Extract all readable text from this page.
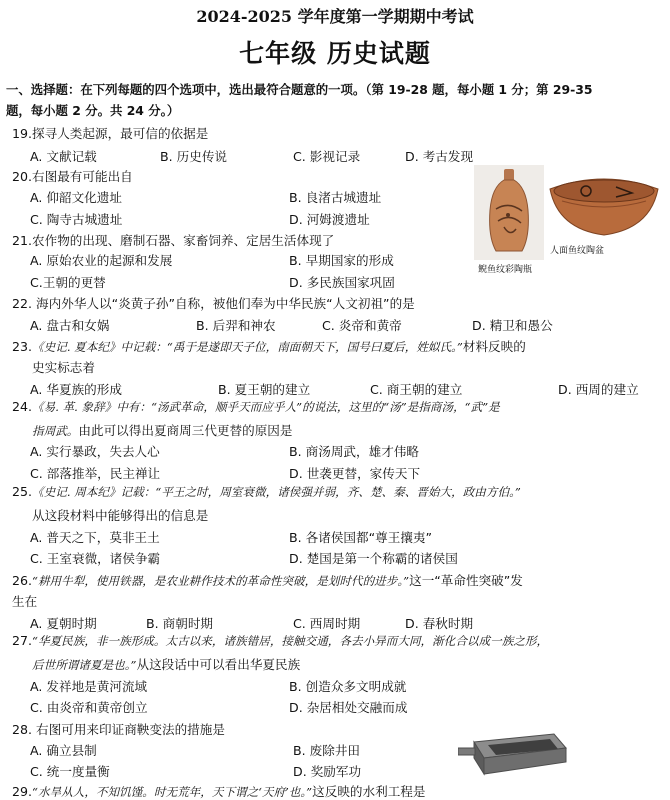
2024-2025 学年度第一学期期中考试
七年级 历史试题
一、选择题：在下列每题的四个选项中，选出最符合题意的一项。（第 19-28 题，每小题 1 分；第 29-35
题，每小题 2 分。共 24 分。）
19.探寻人类起源，最可信的依据是
A. 文献记载	B. 历史传说	C. 影视记录	D. 考古发现
20.右图最有可能出自
A. 仰韶文化遗址	B. 良渚古城遗址
C. 陶寺古城遗址	D. 河姆渡遗址
鲵鱼纹彩陶瓶
人面鱼纹陶盆
21.农作物的出现、磨制石器、家畜饲养、定居生活体现了
A. 原始农业的起源和发展	B. 早期国家的形成
C.王朝的更替	D. 多民族国家巩固
22. 海内外华人以“炎黄子孙”自称，被他们奉为中华民族“人文初祖”的是
A. 盘古和女娲	B. 后羿和神农	C. 炎帝和黄帝	D. 精卫和愚公
23.《史记. 夏本纪》中记载：“禹于是遂即天子位，南面朝天下，国号曰夏后，姓姒氏。”材料反映的
史实标志着
A. 华夏族的形成	B. 夏王朝的建立	C. 商王朝的建立	D. 西周的建立
24.《易. 革. 象辞》中有：“汤武革命，顺乎天而应乎人”的说法，这里的“汤”是指商汤，“武”是
指周武。由此可以得出夏商周三代更替的原因是
A. 实行暴政，失去人心	B. 商汤周武，雄才伟略
C. 部落推举，民主禅让	D. 世袭更替，家传天下
25.《史记. 周本纪》记载：“平王之时，周室衰微，诸侯强并弱，齐、楚、秦、晋始大，政由方伯。”
从这段材料中能够得出的信息是
A. 普天之下，莫非王土	B. 各诸侯国都“尊王攘夷”
C. 王室衰微，诸侯争霸	D. 楚国是第一个称霸的诸侯国
26.“耕用牛犁，使用铁器，是农业耕作技术的革命性突破，是划时代的进步。”这一“革命性突破”发
生在
A. 夏朝时期	B. 商朝时期	C. 西周时期	D. 春秋时期
27.“华夏民族，非一族形成。太古以来，诸族错居，接触交通，各去小异而大同，渐化合以成一族之形，
后世所谓诸夏是也。”从这段话中可以看出华夏民族
A. 发祥地是黄河流域	B. 创造众多文明成就
C. 由炎帝和黄帝创立	D. 杂居相处交融而成
28. 右图可用来印证商鞅变法的措施是
A. 确立县制	B. 废除井田
C. 统一度量衡	D. 奖励军功
29.“水旱从人，不知饥馑。时无荒年，天下谓之‘天府’也。”这反映的水利工程是
